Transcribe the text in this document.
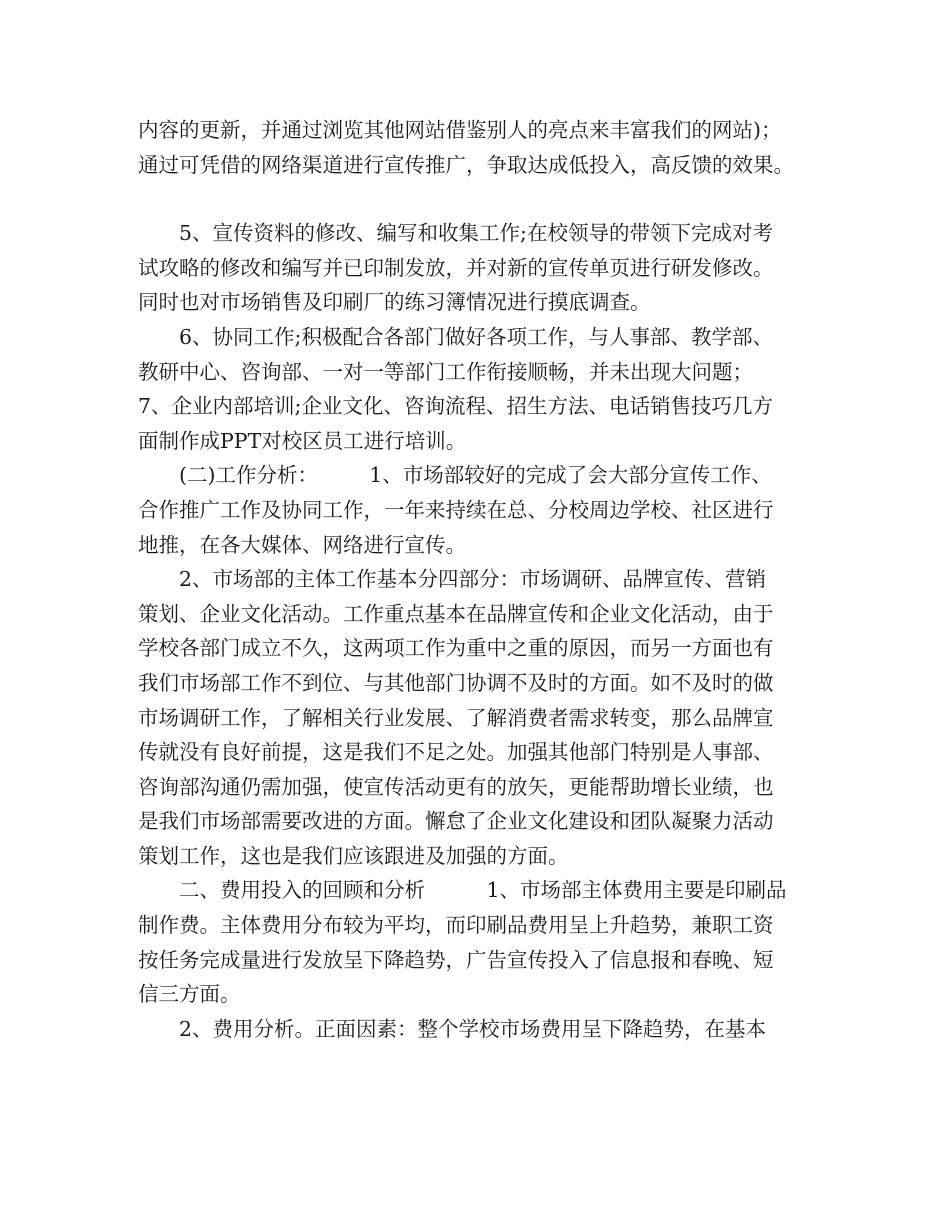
内容的更新，并通过浏览其他网站借鉴别人的亮点来丰富我们的网站)；
通过可凭借的网络渠道进行宣传推广，争取达成低投入，高反馈的效果。
5、宣传资料的修改、编写和收集工作;在校领导的带领下完成对考
试攻略的修改和编写并已印制发放，并对新的宣传单页进行研发修改。
同时也对市场销售及印刷厂的练习簿情况进行摸底调查。
6、协同工作;积极配合各部门做好各项工作，与人事部、教学部、
教研中心、咨询部、一对一等部门工作衔接顺畅，并未出现大问题；
7、企业内部培训;企业文化、咨询流程、招生方法、电话销售技巧几方
面制作成PPT对校区员工进行培训。
(二)工作分析：　　　1、市场部较好的完成了会大部分宣传工作、
合作推广工作及协同工作，一年来持续在总、分校周边学校、社区进行
地推，在各大媒体、网络进行宣传。
2、市场部的主体工作基本分四部分：市场调研、品牌宣传、营销
策划、企业文化活动。工作重点基本在品牌宣传和企业文化活动，由于
学校各部门成立不久，这两项工作为重中之重的原因，而另一方面也有
我们市场部工作不到位、与其他部门协调不及时的方面。如不及时的做
市场调研工作，了解相关行业发展、了解消费者需求转变，那么品牌宣
传就没有良好前提，这是我们不足之处。加强其他部门特别是人事部、
咨询部沟通仍需加强，使宣传活动更有的放矢，更能帮助增长业绩，也
是我们市场部需要改进的方面。懈怠了企业文化建设和团队凝聚力活动
策划工作，这也是我们应该跟进及加强的方面。
二、费用投入的回顾和分析　　　1、市场部主体费用主要是印刷品
制作费。主体费用分布较为平均，而印刷品费用呈上升趋势，兼职工资
按任务完成量进行发放呈下降趋势，广告宣传投入了信息报和春晚、短
信三方面。
2、费用分析。正面因素：整个学校市场费用呈下降趋势，在基本
